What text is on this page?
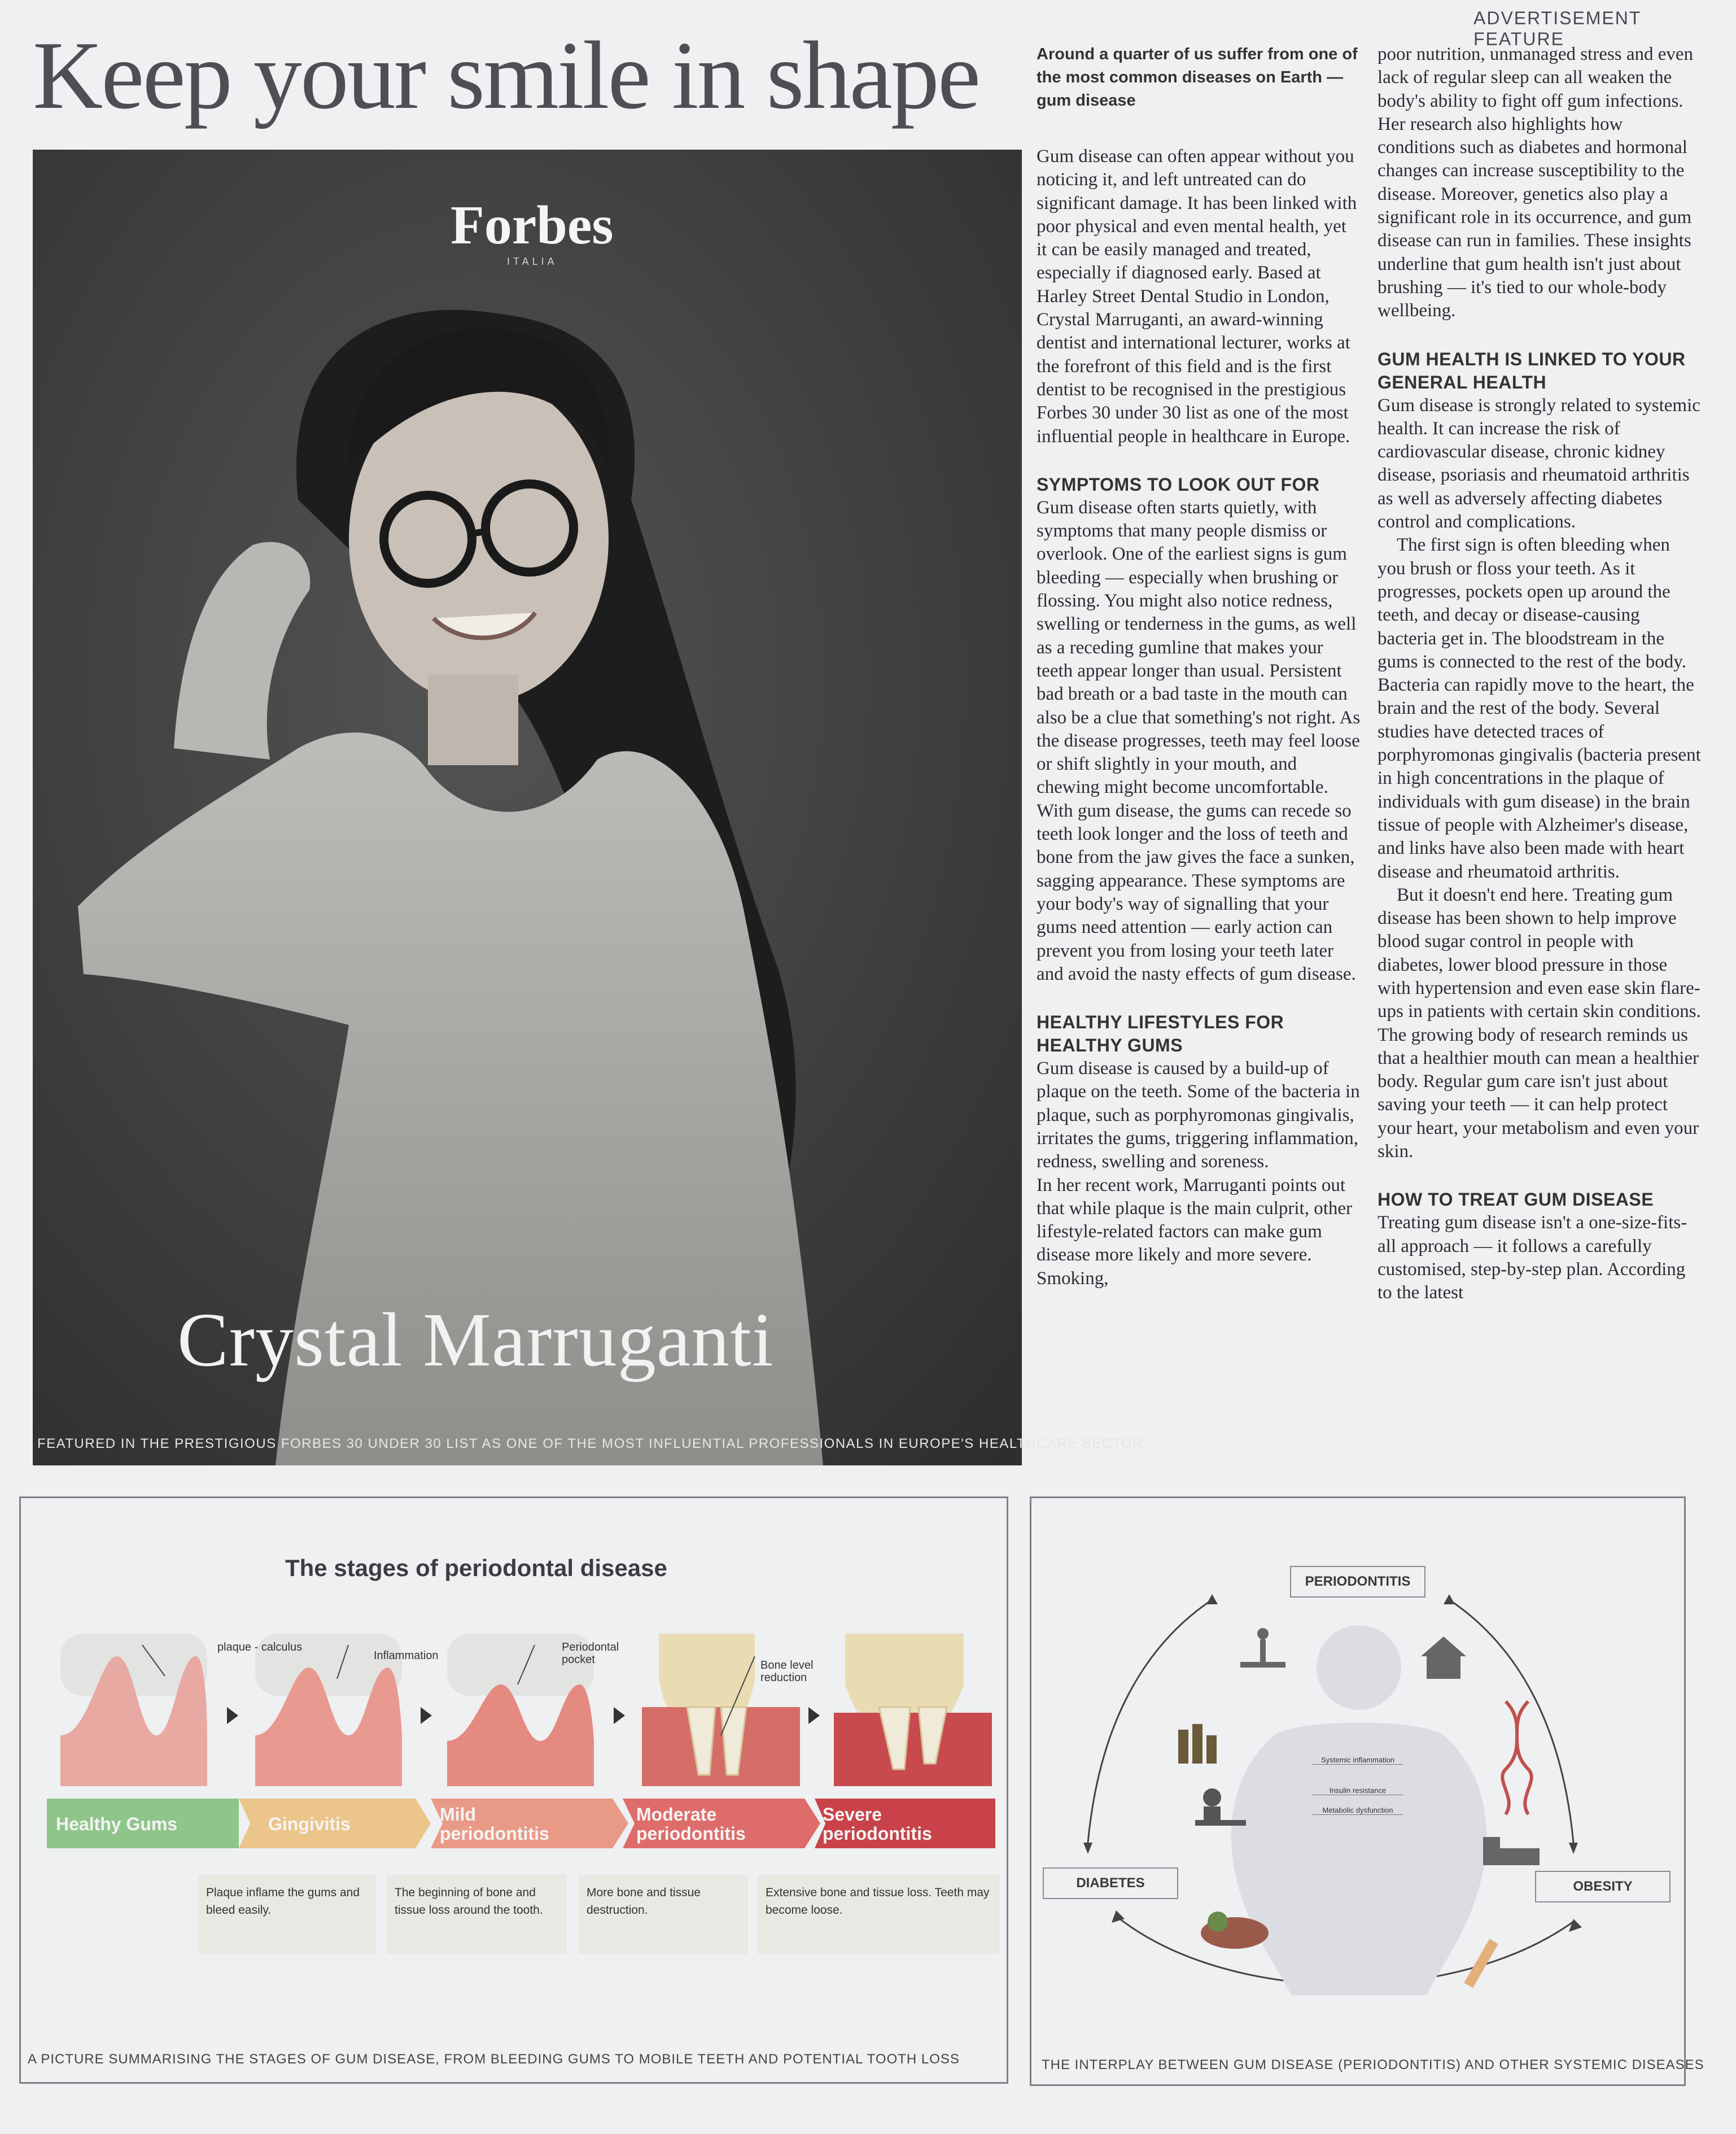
ADVERTISEMENT FEATURE
Keep your smile in shape
Forbes
ITALIA
Crystal Marruganti
FEATURED IN THE PRESTIGIOUS FORBES 30 UNDER 30 LIST AS ONE OF THE MOST INFLUENTIAL PROFESSIONALS IN EUROPE'S HEALTHCARE SECTOR

Around a quarter of us suffer from one of the most common diseases on Earth — gum disease

Gum disease can often appear without you noticing it, and left untreated can do significant damage. It has been linked with poor physical and even mental health, yet it can be easily managed and treated, especially if diagnosed early. Based at Harley Street Dental Studio in London, Crystal Marruganti, an award-winning dentist and international lecturer, works at the forefront of this field and is the first dentist to be recognised in the prestigious Forbes 30 under 30 list as one of the most influential people in healthcare in Europe.

SYMPTOMS TO LOOK OUT FOR

Gum disease often starts quietly, with symptoms that many people dismiss or overlook. One of the earliest signs is gum bleeding — especially when brushing or flossing. You might also notice redness, swelling or tenderness in the gums, as well as a receding gumline that makes your teeth appear longer than usual. Persistent bad breath or a bad taste in the mouth can also be a clue that something's not right. As the disease progresses, teeth may feel loose or shift slightly in your mouth, and chewing might become uncomfortable. With gum disease, the gums can recede so teeth look longer and the loss of teeth and bone from the jaw gives the face a sunken, sagging appearance. These symptoms are your body's way of signalling that your gums need attention — early action can prevent you from losing your teeth later and avoid the nasty effects of gum disease.

HEALTHY LIFESTYLES FOR HEALTHY GUMS

Gum disease is caused by a build-up of plaque on the teeth. Some of the bacteria in plaque, such as porphyromonas gingivalis, irritates the gums, triggering inflammation, redness, swelling and soreness.

In her recent work, Marruganti points out that while plaque is the main culprit, other lifestyle-related factors can make gum disease more likely and more severe. Smoking,

poor nutrition, unmanaged stress and even lack of regular sleep can all weaken the body's ability to fight off gum infections. Her research also highlights how conditions such as diabetes and hormonal changes can increase susceptibility to the disease. Moreover, genetics also play a significant role in its occurrence, and gum disease can run in families. These insights underline that gum health isn't just about brushing — it's tied to our whole-body wellbeing.

GUM HEALTH IS LINKED TO YOUR GENERAL HEALTH

Gum disease is strongly related to systemic health. It can increase the risk of cardiovascular disease, chronic kidney disease, psoriasis and rheumatoid arthritis as well as adversely affecting diabetes control and complications.

The first sign is often bleeding when you brush or floss your teeth. As it progresses, pockets open up around the teeth, and decay or disease-causing bacteria get in. The bloodstream in the gums is connected to the rest of the body. Bacteria can rapidly move to the heart, the brain and the rest of the body. Several studies have detected traces of porphyromonas gingivalis (bacteria present in high concentrations in the plaque of individuals with gum disease) in the brain tissue of people with Alzheimer's disease, and links have also been made with heart disease and rheumatoid arthritis.

But it doesn't end here. Treating gum disease has been shown to help improve blood sugar control in people with diabetes, lower blood pressure in those with hypertension and even ease skin flare-ups in patients with certain skin conditions. The growing body of research reminds us that a healthier mouth can mean a healthier body. Regular gum care isn't just about saving your teeth — it can help protect your heart, your metabolism and even your skin.

HOW TO TREAT GUM DISEASE

Treating gum disease isn't a one-size-fits-all approach — it follows a carefully customised, step-by-step plan. According to the latest

The stages of periodontal disease
plaque - calculus
Inflammation
Periodontal pocket	Bone level reduction
Healthy Gums	Gingivitis	Mild periodontitis
Moderate periodontitis
Severe periodontitis
Plaque inflame the gums and bleed easily.
The beginning of bone and tissue loss around the tooth.
More bone and tissue destruction.
Extensive bone and tissue loss. Teeth may become loose.
A PICTURE SUMMARISING THE STAGES OF GUM DISEASE, FROM BLEEDING GUMS TO MOBILE TEETH AND POTENTIAL TOOTH LOSS
PERIODONTITIS
DIABETES	OBESITY
Systemic inflammation
Insulin resistance
Metabolic dysfunction
THE INTERPLAY BETWEEN GUM DISEASE (PERIODONTITIS) AND OTHER SYSTEMIC DISEASES
